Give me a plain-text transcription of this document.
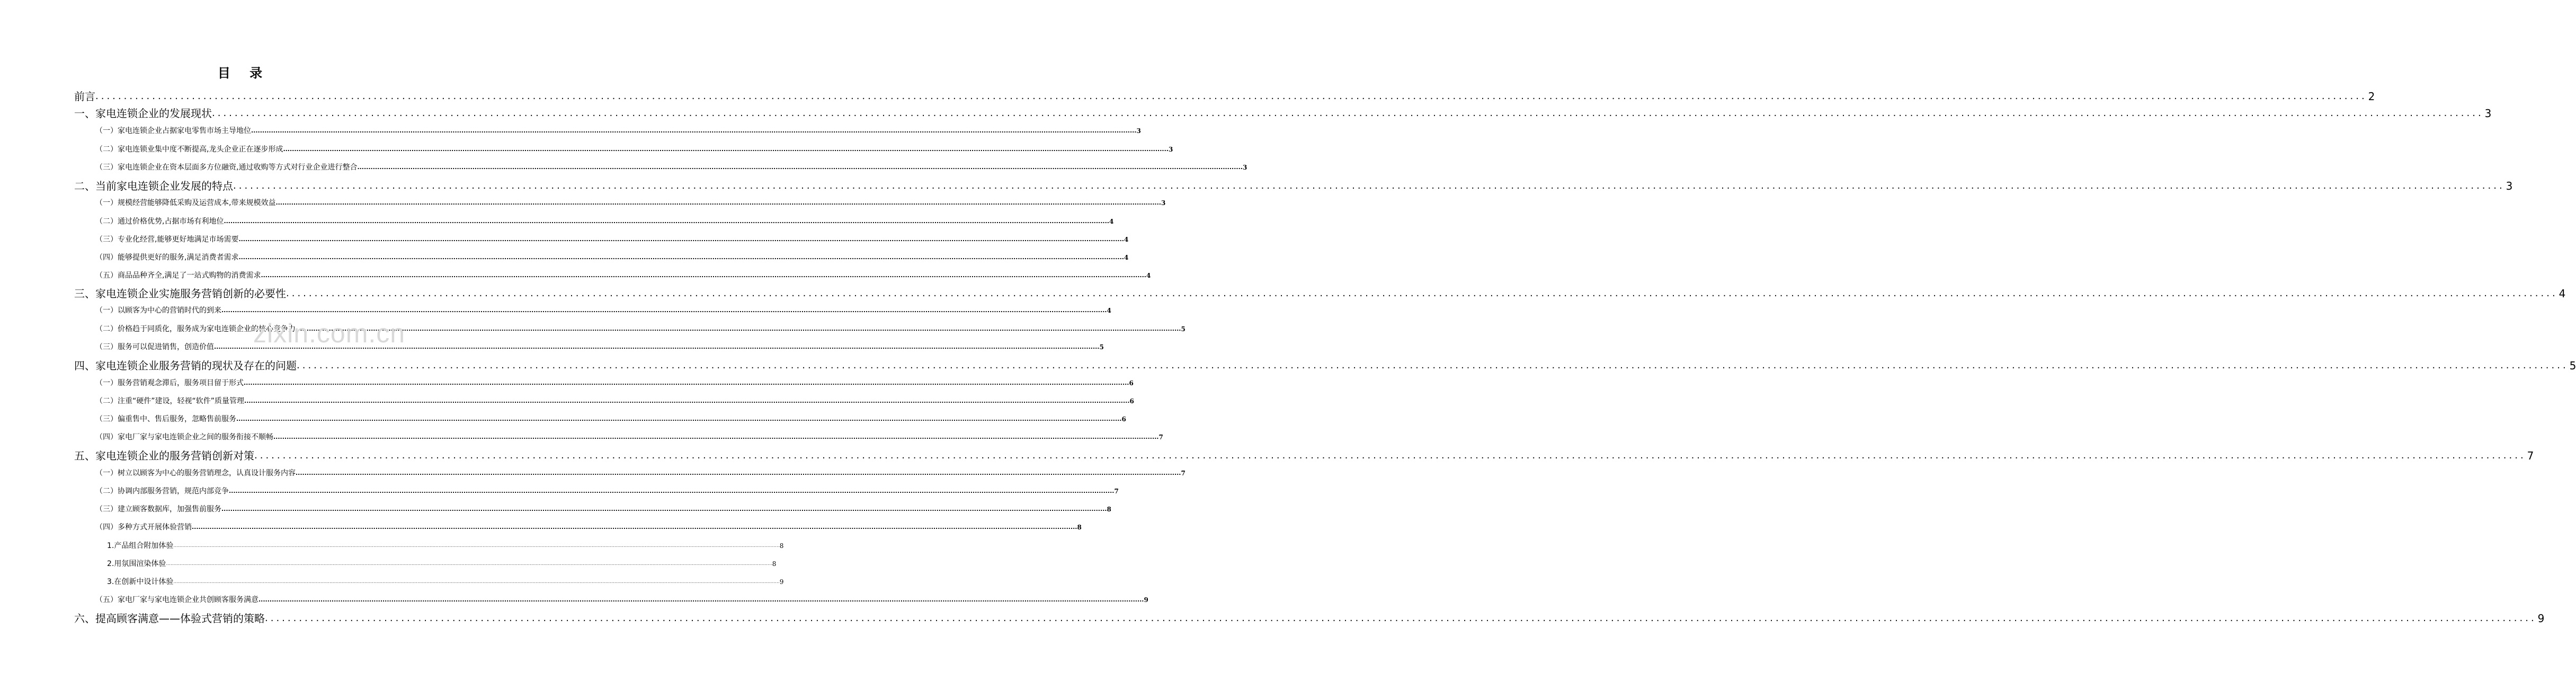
目 录
前言 ................................................................................................................................................................................................................................................................................................................................................................................................................ 2
一、家电连锁企业的发展现状 ................................................................................................................................................................................................................................................................................................................................................................................................................ 3
（一）家电连锁企业占据家电零售市场主导地位 ................................................................................................................................................................................................................................................................................................................................................................................................................ 3
（二）家电连锁业集中度不断提高,龙头企业正在逐步形成 ................................................................................................................................................................................................................................................................................................................................................................................................................ 3
（三）家电连锁企业在资本层面多方位融资,通过收购等方式对行业企业进行整合 ................................................................................................................................................................................................................................................................................................................................................................................................................ 3
二、当前家电连锁企业发展的特点 ................................................................................................................................................................................................................................................................................................................................................................................................................ 3
（一）规模经营能够降低采购及运营成本,带来规模效益 ................................................................................................................................................................................................................................................................................................................................................................................................................ 3
（二）通过价格优势,占据市场有利地位 ................................................................................................................................................................................................................................................................................................................................................................................................................ 4
（三）专业化经营,能够更好地满足市场需要 ................................................................................................................................................................................................................................................................................................................................................................................................................ 4
（四）能够提供更好的服务,满足消费者需求 ................................................................................................................................................................................................................................................................................................................................................................................................................ 4
（五）商品品种齐全,满足了一站式购物的消费需求 ................................................................................................................................................................................................................................................................................................................................................................................................................ 4
三、家电连锁企业实施服务营销创新的必要性 ................................................................................................................................................................................................................................................................................................................................................................................................................ 4
（一）以顾客为中心的营销时代的到来 ................................................................................................................................................................................................................................................................................................................................................................................................................ 4
（二）价格趋于同质化，服务成为家电连锁企业的核心竞争力 ................................................................................................................................................................................................................................................................................................................................................................................................................ 5
（三）服务可以促进销售，创造价值 ................................................................................................................................................................................................................................................................................................................................................................................................................ 5
四、家电连锁企业服务营销的现状及存在的问题 ................................................................................................................................................................................................................................................................................................................................................................................................................ 5
（一）服务营销观念滞后，服务项目留于形式 ................................................................................................................................................................................................................................................................................................................................................................................................................ 6
（二）注重“硬件”建设，轻视“软件”质量管理 ................................................................................................................................................................................................................................................................................................................................................................................................................ 6
（三）偏重售中、售后服务，忽略售前服务 ................................................................................................................................................................................................................................................................................................................................................................................................................ 6
（四）家电厂家与家电连锁企业之间的服务衔接不顺畅 ................................................................................................................................................................................................................................................................................................................................................................................................................ 7
五、家电连锁企业的服务营销创新对策 ................................................................................................................................................................................................................................................................................................................................................................................................................ 7
（一）树立以顾客为中心的服务营销理念，认真设计服务内容 ................................................................................................................................................................................................................................................................................................................................................................................................................ 7
（二）协调内部服务营销，规范内部竞争 ................................................................................................................................................................................................................................................................................................................................................................................................................ 7
（三）建立顾客数据库，加强售前服务 ................................................................................................................................................................................................................................................................................................................................................................................................................ 8
（四）多种方式开展体验营销 ................................................................................................................................................................................................................................................................................................................................................................................................................ 8
1.产品组合附加体验 ................................................................................................................................................................................................................................................................................................................................................................................................................ 8
2.用氛围渲染体验 ................................................................................................................................................................................................................................................................................................................................................................................................................ 8
3.在创新中设计体验 ................................................................................................................................................................................................................................................................................................................................................................................................................ 9
（五）家电厂家与家电连锁企业共创顾客服务满意 ................................................................................................................................................................................................................................................................................................................................................................................................................ 9
六、提高顾客满意——体验式营销的策略 ................................................................................................................................................................................................................................................................................................................................................................................................................ 9
zixin.com.cn
